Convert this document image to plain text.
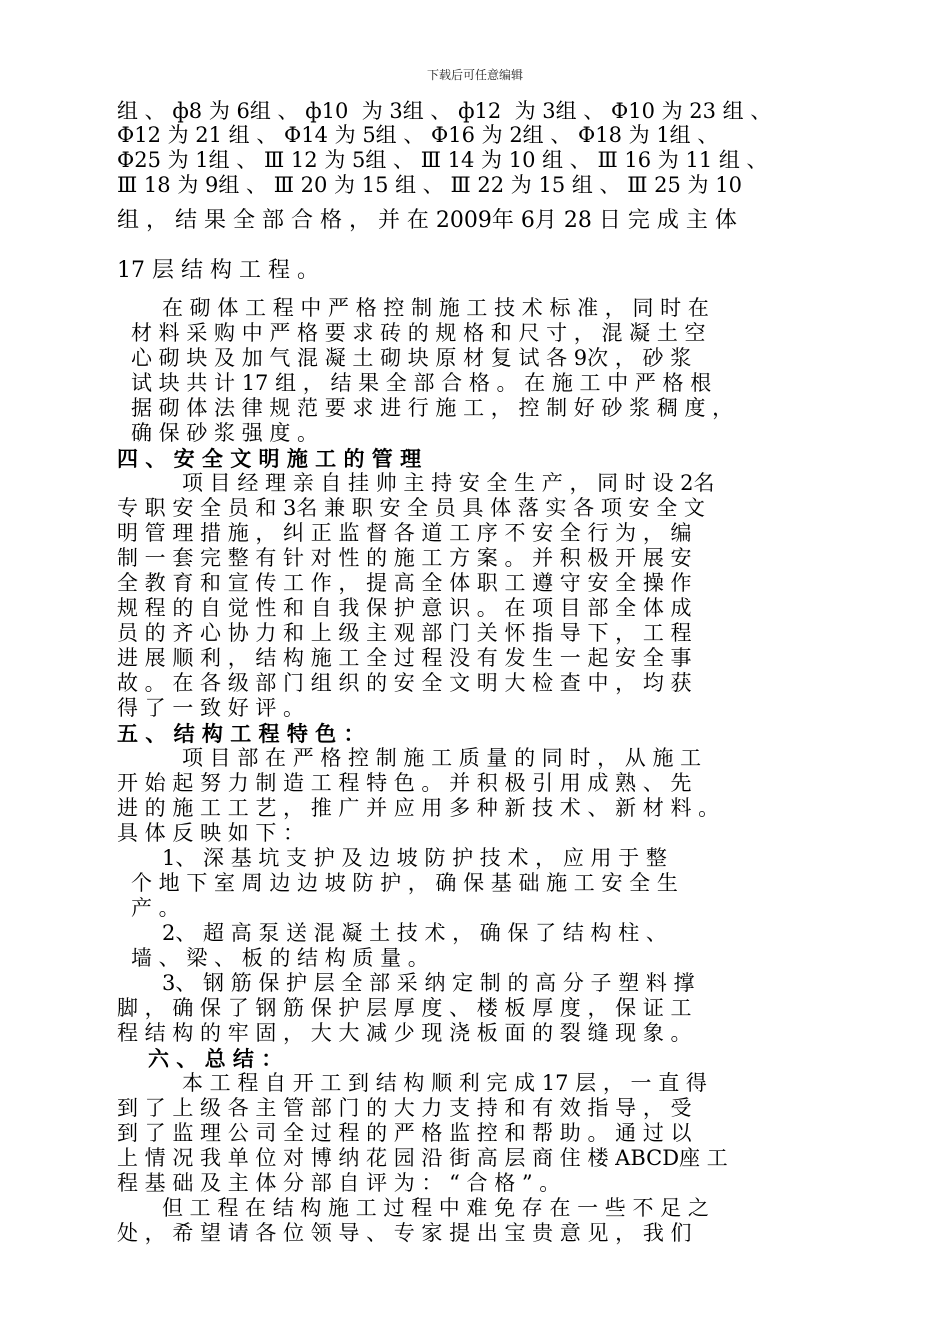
下载后可任意编辑
组 、 ф8 为 6组 、 ф10  为 3组 、 ф12  为 3组 、 Φ10 为 23 组 、
Φ12 为 21 组 、 Φ14 为 5组 、 Φ16 为 2组 、 Φ18 为 1组 、
Φ25 为 1组 、 Ⅲ 12 为 5组 、 Ⅲ 14 为 10 组 、 Ⅲ 16 为 11 组 、
Ⅲ 18 为 9组 、 Ⅲ 20 为 15 组 、 Ⅲ 22 为 15 组 、 Ⅲ 25 为 10
组 ， 结 果 全 部 合 格 ， 并 在 2009年 6月 28 日 完 成 主 体
17 层 结 构 工 程 。
在 砌 体 工 程 中 严 格 控 制 施 工 技 术 标 准 ， 同 时 在
材 料 采 购 中 严 格 要 求 砖 的 规 格 和 尺 寸 ， 混 凝 土 空
心 砌 块 及 加 气 混 凝 土 砌 块 原 材 复 试 各 9次 ， 砂 浆
试 块 共 计 17 组 ， 结 果 全 部 合 格 。 在 施 工 中 严 格 根
据 砌 体 法 律 规 范 要 求 进 行 施 工 ， 控 制 好 砂 浆 稠 度 ，
确 保 砂 浆 强 度 。
四 、 安 全 文 明 施 工 的 管 理
项 目 经 理 亲 自 挂 帅 主 持 安 全 生 产 ， 同 时 设 2名
专 职 安 全 员 和 3名 兼 职 安 全 员 具 体 落 实 各 项 安 全 文
明 管 理 措 施 ， 纠 正 监 督 各 道 工 序 不 安 全 行 为 ， 编
制 一 套 完 整 有 针 对 性 的 施 工 方 案 。 并 积 极 开 展 安
全 教 育 和 宣 传 工 作 ， 提 高 全 体 职 工 遵 守 安 全 操 作
规 程 的 自 觉 性 和 自 我 保 护 意 识 。 在 项 目 部 全 体 成
员 的 齐 心 协 力 和 上 级 主 观 部 门 关 怀 指 导 下 ， 工 程
进 展 顺 利 ， 结 构 施 工 全 过 程 没 有 发 生 一 起 安 全 事
故 。 在 各 级 部 门 组 织 的 安 全 文 明 大 检 查 中 ， 均 获
得 了 一 致 好 评 。
五 、 结 构 工 程 特 色 ：
项 目 部 在 严 格 控 制 施 工 质 量 的 同 时 ， 从 施 工
开 始 起 努 力 制 造 工 程 特 色 。 并 积 极 引 用 成 熟 、 先
进 的 施 工 工 艺 ， 推 广 并 应 用 多 种 新 技 术 、 新 材 料 。
具 体 反 映 如 下 ：
1、 深 基 坑 支 护 及 边 坡 防 护 技 术 ， 应 用 于 整
个 地 下 室 周 边 边 坡 防 护 ， 确 保 基 础 施 工 安 全 生
产 。
2、 超 高 泵 送 混 凝 土 技 术 ， 确 保 了 结 构 柱 、
墙 、 梁 、 板 的 结 构 质 量 。
3、 钢 筋 保 护 层 全 部 采 纳 定 制 的 高 分 子 塑 料 撑
脚 ， 确 保 了 钢 筋 保 护 层 厚 度 、 楼 板 厚 度 ， 保 证 工
程 结 构 的 牢 固 ， 大 大 减 少 现 浇 板 面 的 裂 缝 现 象 。
六 、 总 结 ：
本 工 程 自 开 工 到 结 构 顺 利 完 成 17 层 ， 一 直 得
到 了 上 级 各 主 管 部 门 的 大 力 支 持 和 有 效 指 导 ， 受
到 了 监 理 公 司 全 过 程 的 严 格 监 控 和 帮 助 。 通 过 以
上 情 况 我 单 位 对 博 纳 花 园 沿 街 高 层 商 住 楼 ABCD座 工
程 基 础 及 主 体 分 部 自 评 为 ： “ 合 格 ” 。
但 工 程 在 结 构 施 工 过 程 中 难 免 存 在 一 些 不 足 之
处 ， 希 望 请 各 位 领 导 、 专 家 提 出 宝 贵 意 见 ， 我 们
